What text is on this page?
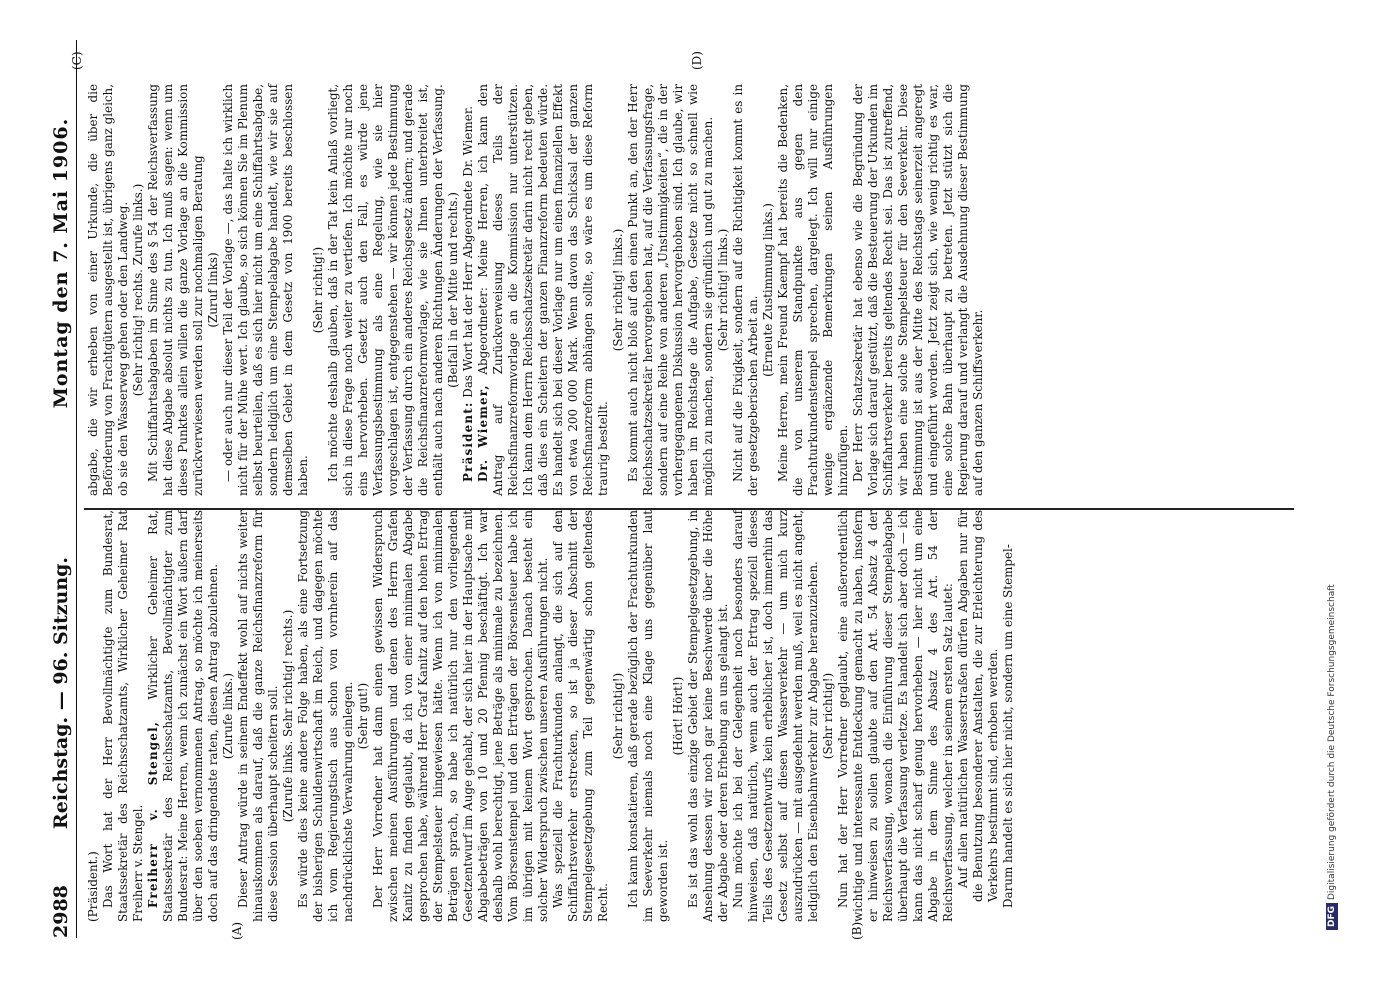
2988
Reichstag. — 96. Sitzung.
Montag den 7. Mai 1906.
(A)	(B)
(C)	(D)

(Präsident.) Das Wort hat der Herr Bevollmächtigte zum Bundesrat, Staatssekretär des Reichsschatzamts, Wirklicher Geheimer Rat Freiherr v. Stengel. Freiherr v. Stengel, Wirklicher Geheimer Rat, Staatssekretär des Reichsschatzamts, Bevollmächtigter zum Bundesrat: Meine Herren, wenn ich zunächst ein Wort äußern darf über den soeben vernommenen Antrag, so möchte ich meinerseits doch auf das dringendste raten, diesen Antrag abzulehnen. (Zurufe links.) Dieser Antrag würde in seinem Endeffekt wohl auf nichts weiter hinauskommen als darauf, daß die ganze Reichsfinanzreform für diese Session überhaupt scheitern soll. (Zurufe links. Sehr richtig! rechts.) Es würde dies keine andere Folge haben, als eine Fortsetzung der bisherigen Schuldenwirtschaft im Reich, und dagegen möchte ich vom Regierungstisch aus schon von vornherein auf das nachdrücklichste Verwahrung einlegen. (Sehr gut!) Der Herr Vorredner hat dann einen gewissen Widerspruch zwischen meinen Ausführungen und denen des Herrn Grafen Kanitz zu finden geglaubt, da ich von einer minimalen Abgabe gesprochen habe, während Herr Graf Kanitz auf den hohen Ertrag der Stempelsteuer hingewiesen hätte. Wenn ich von minimalen Beträgen sprach, so habe ich natürlich nur den vorliegenden Gesetzentwurf im Auge gehabt, der sich hier in der Hauptsache mit Abgabebeträgen von 10 und 20 Pfennig beschäftigt. Ich war deshalb wohl berechtigt, jene Beträge als minimale zu bezeichnen. Vom Börsenstempel und den Erträgen der Börsensteuer habe ich im übrigen mit keinem Wort gesprochen. Danach besteht ein solcher Widerspruch zwischen unseren Ausführungen nicht. Was speziell die Frachturkunden anlangt, die sich auf den Schiffahrtsverkehr erstrecken, so ist ja dieser Abschnitt der Stempelgesetzgebung zum Teil gegenwärtig schon geltendes Recht.

(Sehr richtig!) Ich kann konstatieren, daß gerade bezüglich der Frachturkunden im Seeverkehr niemals noch eine Klage uns gegenüber laut geworden ist.

(Hört! Hört!) Es ist das wohl das einzige Gebiet der Stempelgesetzgebung, in Ansehung dessen wir noch gar keine Beschwerde über die Höhe der Abgabe oder deren Erhebung an uns gelangt ist. Nun möchte ich bei der Gelegenheit noch besonders darauf hinweisen, daß natürlich, wenn auch der Ertrag speziell dieses Teils des Gesetzentwurfs kein erheblicher ist, doch immerhin das Gesetz selbst auf diesen Wasserverkehr — um mich kurz auszudrücken — mit ausgedehnt werden muß, weil es nicht angeht, lediglich den Eisenbahnverkehr zur Abgabe heranzuziehen. (Sehr richtig!) Nun hat der Herr Vorredner geglaubt, eine außerordentlich wichtige und interessante Entdeckung gemacht zu haben, insofern er hinweisen zu sollen glaubte auf den Art. 54 Absatz 4 der Reichsverfassung, wonach die Einführung dieser Stempelabgabe überhaupt die Verfassung verletze. Es handelt sich aber doch — ich kann das nicht scharf genug hervorheben — hier nicht um eine Abgabe in dem Sinne des Absatz 4 des Art. 54 der Reichsverfassung, welcher in seinem ersten Satz lautet: Auf allen natürlichen Wasserstraßen dürfen Abgaben nur für die Benutzung besonderer Anstalten, die zur Erleichterung des Verkehrs bestimmt sind, erhoben werden. Darum handelt es sich hier nicht, sondern um eine Stempel-

abgabe, die wir erheben von einer Urkunde, die über die Beförderung von Frachtgütern ausgestellt ist, übrigens ganz gleich, ob sie den Wasserweg gehen oder den Landweg. (Sehr richtig! rechts. Zurufe links.) Mit Schiffahrtsabgaben im Sinne des § 54 der Reichsverfassung hat diese Abgabe absolut nichts zu tun. Ich muß sagen: wenn um dieses Punktes allein willen die ganze Vorlage an die Kommission zurückverwiesen werden soll zur nochmaligen Beratung (Zuruf links) — oder auch nur dieser Teil der Vorlage —, das halte ich wirklich nicht für der Mühe wert. Ich glaube, so sich können Sie im Plenum selbst beurteilen, daß es sich hier nicht um eine Schiffahrtsabgabe, sondern lediglich um eine Stempelabgabe handelt, wie wir sie auf demselben Gebiet in dem Gesetz von 1900 bereits beschlossen haben.

(Sehr richtig!) Ich möchte deshalb glauben, daß in der Tat kein Anlaß vorliegt, sich in diese Frage noch weiter zu vertiefen. Ich möchte nur noch eins hervorheben. Gesetzt auch den Fall, es würde jene Verfassungsbestimmung als eine Regelung, wie sie hier vorgeschlagen ist, entgegenstehen — wir können jede Bestimmung der Verfassung durch ein anderes Reichsgesetz ändern; und gerade die Reichsfinanzreformvorlage, wie sie Ihnen unterbreitet ist, enthält auch nach anderen Richtungen Änderungen der Verfassung. (Beifall in der Mitte und rechts.)

Präsident: Das Wort hat der Herr Abgeordnete Dr. Wiemer.

Dr. Wiemer, Abgeordneter: Meine Herren, ich kann den Antrag auf Zurückverweisung dieses Teils der Reichsfinanzreformvorlage an die Kommission nur unterstützen. Ich kann dem Herrn Reichsschatzsekretär darin nicht recht geben, daß dies ein Scheitern der ganzen Finanzreform bedeuten würde. Es handelt sich bei dieser Vorlage nur um einen finanziellen Effekt von etwa 200 000 Mark. Wenn davon das Schicksal der ganzen Reichsfinanzreform abhängen sollte, so wäre es um diese Reform traurig bestellt.

(Sehr richtig! links.) Es kommt auch nicht bloß auf den einen Punkt an, den der Herr Reichsschatzsekretär hervorgehoben hat, auf die Verfassungsfrage, sondern auf eine Reihe von anderen „Unstimmigkeiten“, die in der vorhergegangenen Diskussion hervorgehoben sind. Ich glaube, wir haben im Reichstage die Aufgabe, Gesetze nicht so schnell wie möglich zu machen, sondern sie gründlich und gut zu machen. (Sehr richtig! links.) Nicht auf die Fixigkeit, sondern auf die Richtigkeit kommt es in der gesetzgeberischen Arbeit an.

(Erneute Zustimmung links.) Meine Herren, mein Freund Kaempf hat bereits die Bedenken, die von unserem Standpunkte aus gegen den Frachturkundenstempel sprechen, dargelegt. Ich will nur einige wenige ergänzende Bemerkungen seinen Ausführungen hinzufügen. Der Herr Schatzsekretär hat ebenso wie die Begründung der Vorlage sich darauf gestützt, daß die Besteuerung der Urkunden im Schiffahrtsverkehr bereits geltendes Recht sei. Das ist zutreffend, wir haben eine solche Stempelsteuer für den Seeverkehr. Diese Bestimmung ist aus der Mitte des Reichstags seinerzeit angeregt und eingeführt worden. Jetzt zeigt sich, wie wenig richtig es war, eine solche Bahn überhaupt zu betreten. Jetzt stützt sich die Regierung darauf und verlangt die Ausdehnung dieser Bestimmung auf den ganzen Schiffsverkehr.

DFG
Digitalisierung gefördert durch die Deutsche Forschungsgemeinschaft
